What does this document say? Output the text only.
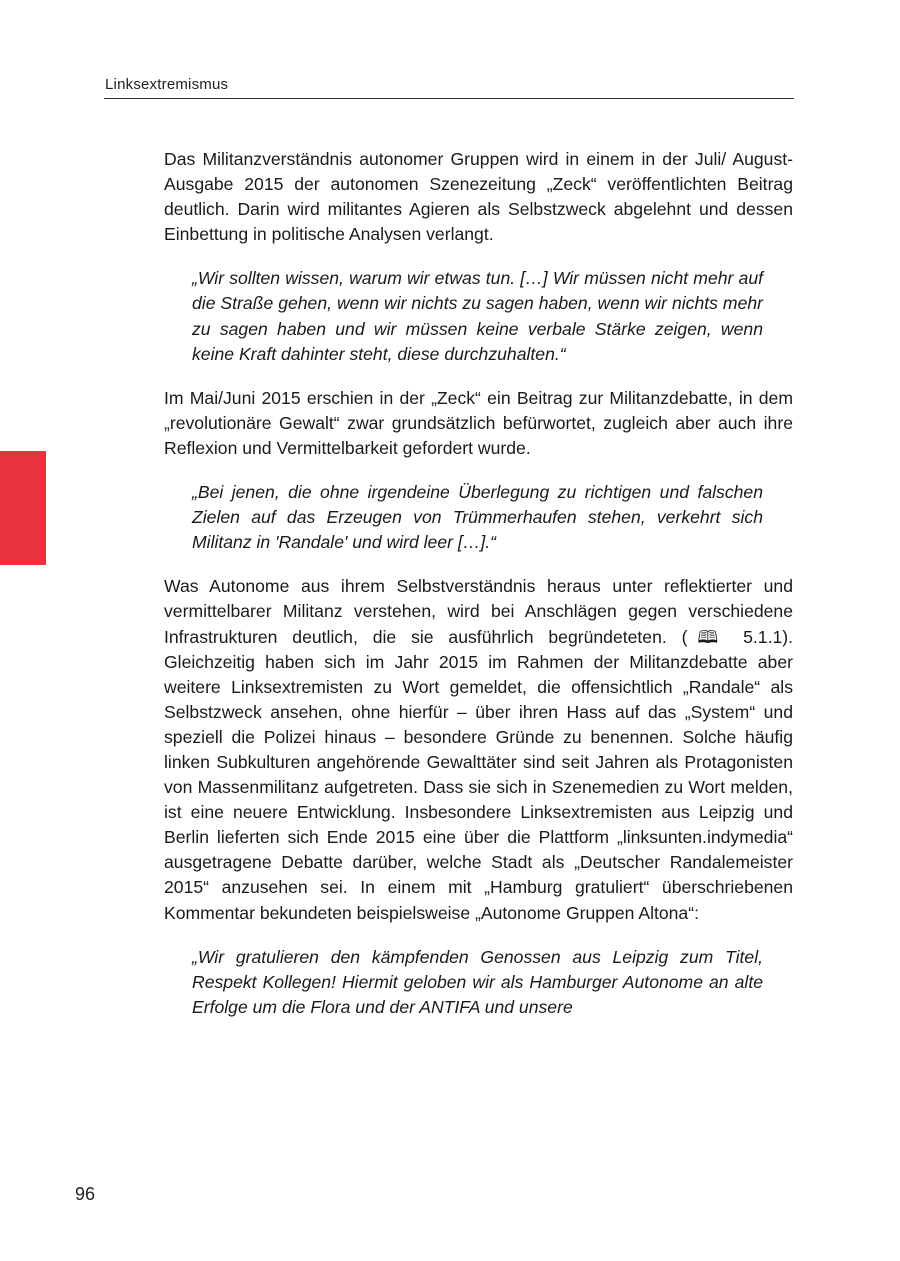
Linksextremismus

Das Militanzverständnis autonomer Gruppen wird in einem in der Juli/ August-Ausgabe 2015 der autonomen Szenezeitung „Zeck“ veröffentlichten Beitrag deutlich. Darin wird militantes Agieren als Selbstzweck abgelehnt und dessen Einbettung in politische Analysen verlangt.

„Wir sollten wissen, warum wir etwas tun. […] Wir müssen nicht mehr auf die Straße gehen, wenn wir nichts zu sagen haben, wenn wir nichts mehr zu sagen haben und wir müssen keine verbale Stärke zeigen, wenn keine Kraft dahinter steht, diese durchzuhalten.“

Im Mai/Juni 2015 erschien in der „Zeck“ ein Beitrag zur Militanzdebatte, in dem „revolutionäre Gewalt“ zwar grundsätzlich befürwortet, zugleich aber auch ihre Reflexion und Vermittelbarkeit gefordert wurde.

„Bei jenen, die ohne irgendeine Überlegung zu richtigen und falschen Zielen auf das Erzeugen von Trümmerhaufen stehen, verkehrt sich Militanz in 'Randale' und wird leer […].“

Was Autonome aus ihrem Selbstverständnis heraus unter reflektierter und vermittelbarer Militanz verstehen, wird bei Anschlägen gegen verschiedene Infrastrukturen deutlich, die sie ausführlich begründeteten. (🕮 5.1.1). Gleichzeitig haben sich im Jahr 2015 im Rahmen der Militanzdebatte aber weitere Linksextremisten zu Wort gemeldet, die offensichtlich „Randale“ als Selbstzweck ansehen, ohne hierfür – über ihren Hass auf das „System“ und speziell die Polizei hinaus – besondere Gründe zu benennen. Solche häufig linken Subkulturen angehörende Gewalttäter sind seit Jahren als Protagonisten von Massenmilitanz aufgetreten. Dass sie sich in Szenemedien zu Wort melden, ist eine neuere Entwicklung. Insbesondere Linksextremisten aus Leipzig und Berlin lieferten sich Ende 2015 eine über die Plattform „linksunten.indymedia“ ausgetragene Debatte darüber, welche Stadt als „Deutscher Randalemeister 2015“ anzusehen sei. In einem mit „Hamburg gratuliert“ überschriebenen Kommentar bekundeten beispielsweise „Autonome Gruppen Altona“:

„Wir gratulieren den kämpfenden Genossen aus Leipzig zum Titel, Respekt Kollegen! Hiermit geloben wir als Hamburger Autonome an alte Erfolge um die Flora und der ANTIFA und unsere

96
